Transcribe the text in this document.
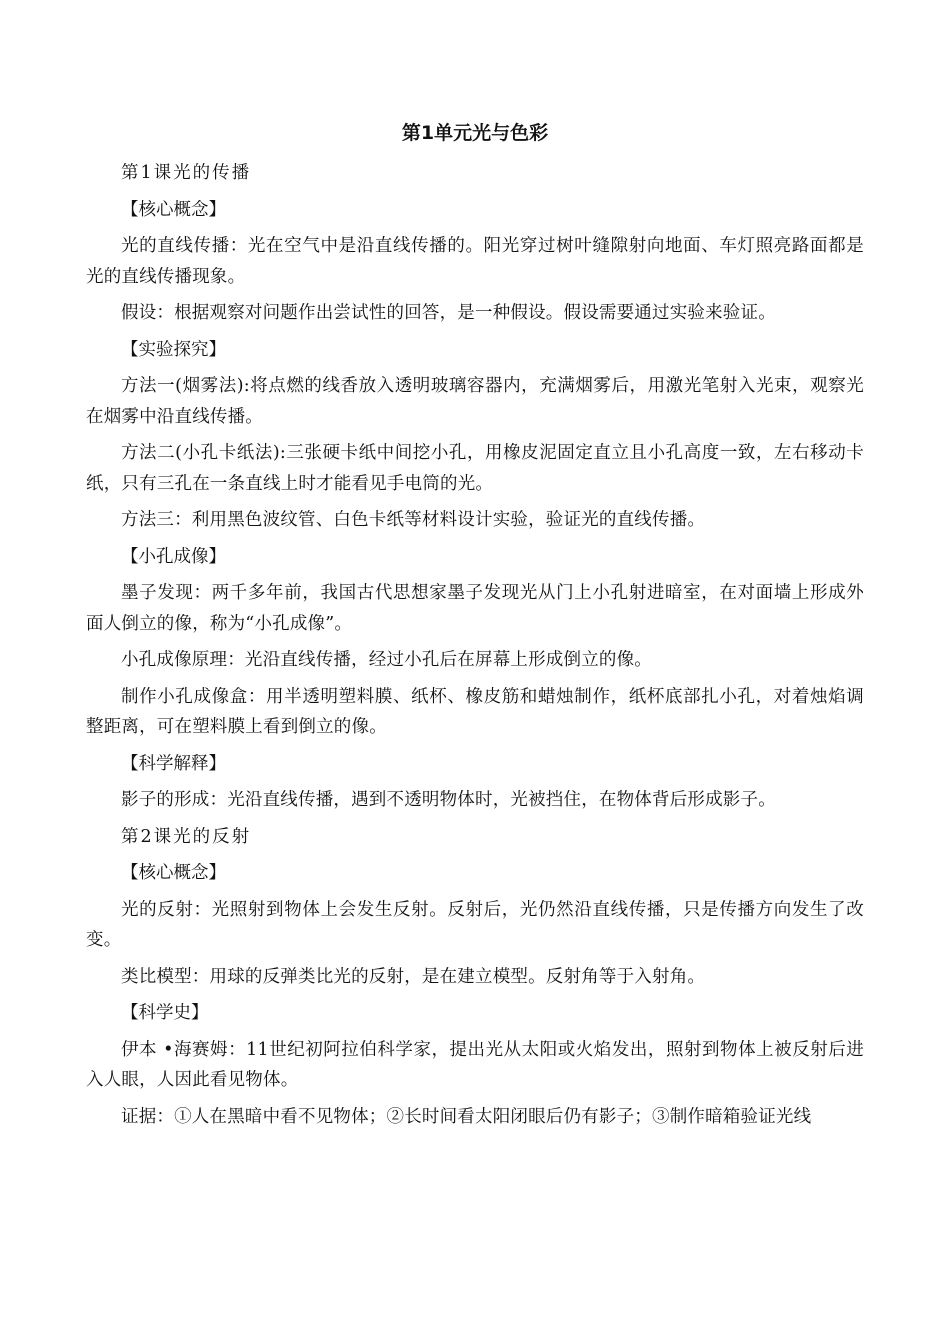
第1单元光与色彩
第1课光的传播
【核心概念】
光的直线传播：光在空气中是沿直线传播的。阳光穿过树叶缝隙射向地面、车灯照亮路面都是光的直线传播现象。
假设：根据观察对问题作出尝试性的回答，是一种假设。假设需要通过实验来验证。
【实验探究】
方法一(烟雾法):将点燃的线香放入透明玻璃容器内，充满烟雾后，用激光笔射入光束，观察光在烟雾中沿直线传播。
方法二(小孔卡纸法):三张硬卡纸中间挖小孔，用橡皮泥固定直立且小孔高度一致，左右移动卡纸，只有三孔在一条直线上时才能看见手电筒的光。
方法三：利用黑色波纹管、白色卡纸等材料设计实验，验证光的直线传播。
【小孔成像】
墨子发现：两千多年前，我国古代思想家墨子发现光从门上小孔射进暗室，在对面墙上形成外面人倒立的像，称为“小孔成像”。
小孔成像原理：光沿直线传播，经过小孔后在屏幕上形成倒立的像。
制作小孔成像盒：用半透明塑料膜、纸杯、橡皮筋和蜡烛制作，纸杯底部扎小孔，对着烛焰调整距离，可在塑料膜上看到倒立的像。
【科学解释】
影子的形成：光沿直线传播，遇到不透明物体时，光被挡住，在物体背后形成影子。
第2课光的反射
【核心概念】
光的反射：光照射到物体上会发生反射。反射后，光仍然沿直线传播，只是传播方向发生了改变。
类比模型：用球的反弹类比光的反射，是在建立模型。反射角等于入射角。
【科学史】
伊本 •海赛姆：11世纪初阿拉伯科学家，提出光从太阳或火焰发出，照射到物体上被反射后进入人眼，人因此看见物体。
证据：①人在黑暗中看不见物体；②长时间看太阳闭眼后仍有影子；③制作暗箱验证光线
